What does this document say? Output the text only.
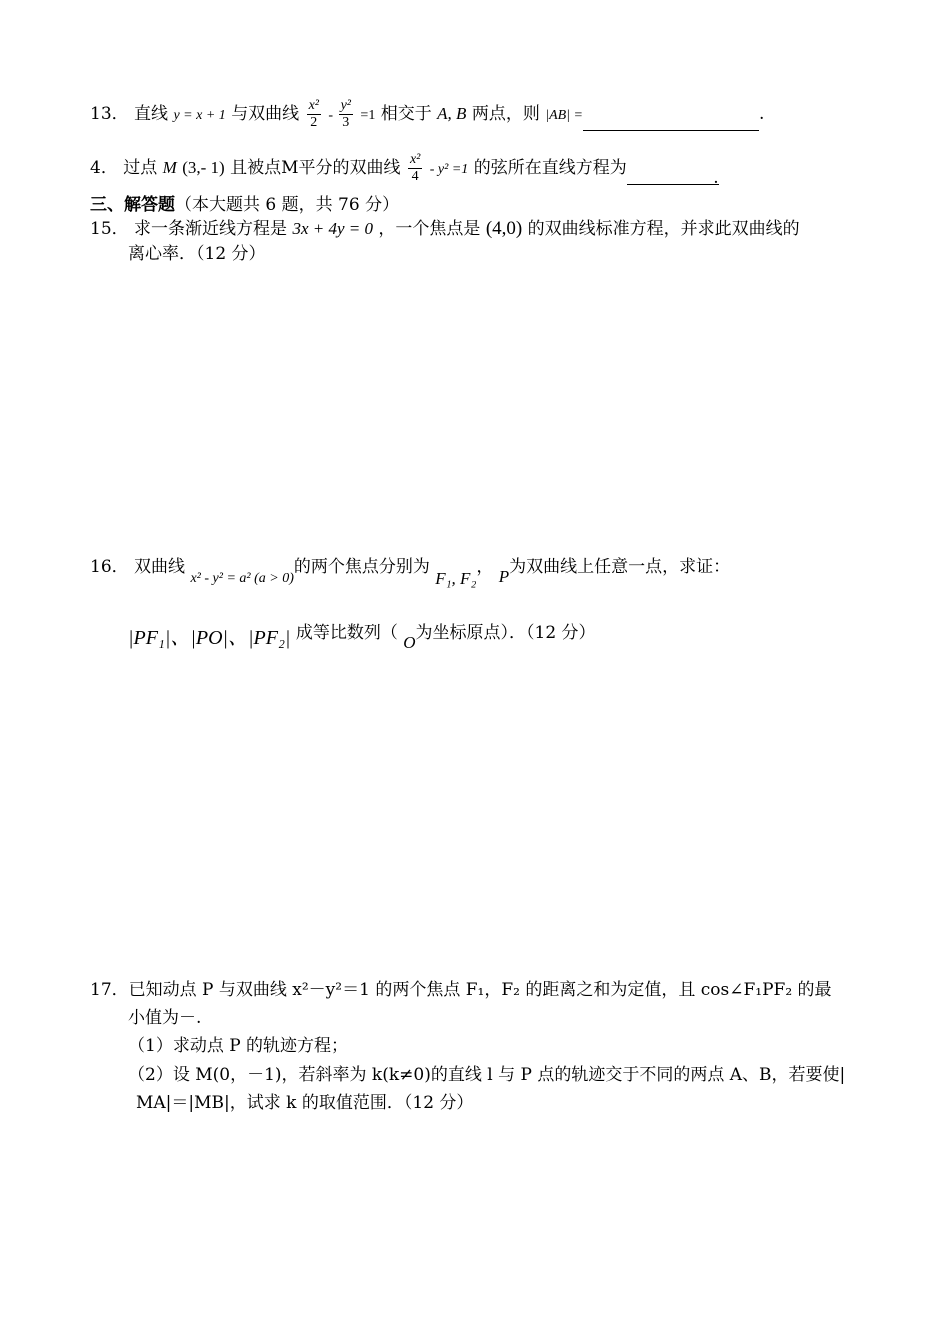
13． 直线 y = x + 1 与双曲线 $\frac{\text{x²}}{2} - \frac{\text{y²}}{3} =1$ 相交于 A, B 两点，则 |AB| =	.
4． 过点 M (3,- 1) 且被点M平分的双曲线 $\frac{\text{x²}}{4} - y^2 =1$ 的弦所在直线方程为	.
三、解答题（本大题共 6 题，共 76 分）
15． 求一条渐近线方程是 3x + 4y = 0 ，一个焦点是 (4,0) 的双曲线标准方程，并求此双曲线的
离心率．（12 分）
16． 双曲线 $_{x^2 - y^2 = a^2 (a > 0)}$的两个焦点分别为 F₁, F₂， P为双曲线上任意一点，求证：
|PF₁|、|PO|、|PF₂| 成等比数列（ O为坐标原点）．（12 分）
17．已知动点 P 与双曲线 x²－y²＝1 的两个焦点 F₁，F₂ 的距离之和为定值，且 cos∠F₁PF₂ 的最
小值为－.
（1）求动点 P 的轨迹方程；
（2）设 M(0，－1)，若斜率为 k(k≠0)的直线 l 与 P 点的轨迹交于不同的两点 A、B，若要使|
MA|＝|MB|，试求 k 的取值范围．（12 分）
